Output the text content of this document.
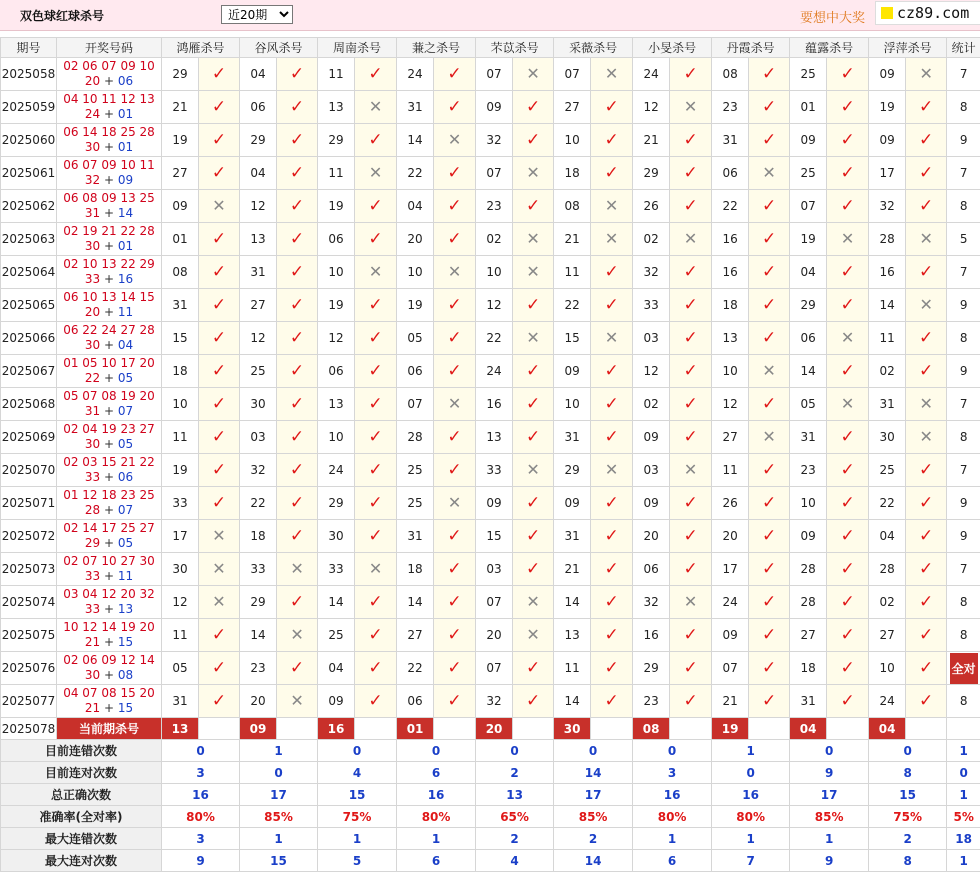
双色球红球杀号
近20期	要想中大奖 cz89.com
期号	开奖号码	鸿雁杀号		谷风杀号		周南杀号		蒹之杀号		芣苡杀号		采薇杀号		小旻杀号		丹霞杀号		蕴露杀号		浮萍杀号		统计
2025058	02 06 07 09 10
20 + 06	29	✓	04	✓	11	✓	24	✓	07	✕	07	✕	24	✓	08	✓	25	✓	09	✕	7
2025059	04 10 11 12 13
24 + 01	21	✓	06	✓	13	✕	31	✓	09	✓	27	✓	12	✕	23	✓	01	✓	19	✓	8
2025060	06 14 18 25 28
30 + 01	19	✓	29	✓	29	✓	14	✕	32	✓	10	✓	21	✓	31	✓	09	✓	09	✓	9
2025061	06 07 09 10 11
32 + 09	27	✓	04	✓	11	✕	22	✓	07	✕	18	✓	29	✓	06	✕	25	✓	17	✓	7
2025062	06 08 09 13 25
31 + 14	09	✕	12	✓	19	✓	04	✓	23	✓	08	✕	26	✓	22	✓	07	✓	32	✓	8
2025063	02 19 21 22 28
30 + 01	01	✓	13	✓	06	✓	20	✓	02	✕	21	✕	02	✕	16	✓	19	✕	28	✕	5
2025064	02 10 13 22 29
33 + 16	08	✓	31	✓	10	✕	10	✕	10	✕	11	✓	32	✓	16	✓	04	✓	16	✓	7
2025065	06 10 13 14 15
20 + 11	31	✓	27	✓	19	✓	19	✓	12	✓	22	✓	33	✓	18	✓	29	✓	14	✕	9
2025066	06 22 24 27 28
30 + 04	15	✓	12	✓	12	✓	05	✓	22	✕	15	✕	03	✓	13	✓	06	✕	11	✓	8
2025067	01 05 10 17 20
22 + 05	18	✓	25	✓	06	✓	06	✓	24	✓	09	✓	12	✓	10	✕	14	✓	02	✓	9
2025068	05 07 08 19 20
31 + 07	10	✓	30	✓	13	✓	07	✕	16	✓	10	✓	02	✓	12	✓	05	✕	31	✕	7
2025069	02 04 19 23 27
30 + 05	11	✓	03	✓	10	✓	28	✓	13	✓	31	✓	09	✓	27	✕	31	✓	30	✕	8
2025070	02 03 15 21 22
33 + 06	19	✓	32	✓	24	✓	25	✓	33	✕	29	✕	03	✕	11	✓	23	✓	25	✓	7
2025071	01 12 18 23 25
28 + 07	33	✓	22	✓	29	✓	25	✕	09	✓	09	✓	09	✓	26	✓	10	✓	22	✓	9
2025072	02 14 17 25 27
29 + 05	17	✕	18	✓	30	✓	31	✓	15	✓	31	✓	20	✓	20	✓	09	✓	04	✓	9
2025073	02 07 10 27 30
33 + 11	30	✕	33	✕	33	✕	18	✓	03	✓	21	✓	06	✓	17	✓	28	✓	28	✓	7
2025074	03 04 12 20 32
33 + 13	12	✕	29	✓	14	✓	14	✓	07	✕	14	✓	32	✕	24	✓	28	✓	02	✓	8
2025075	10 12 14 19 20
21 + 15	11	✓	14	✕	25	✓	27	✓	20	✕	13	✓	16	✓	09	✓	27	✓	27	✓	8
2025076	02 06 09 12 14
30 + 08	05	✓	23	✓	04	✓	22	✓	07	✓	11	✓	29	✓	07	✓	18	✓	10	✓	全对
2025077	04 07 08 15 20
21 + 15	31	✓	20	✕	09	✓	06	✓	32	✓	14	✓	23	✓	21	✓	31	✓	24	✓	8
2025078	当前期杀号	13		09		16		01		20		30		08		19		04		04		
目前连错次数		0		1		0		0		0		0		0		1		0		0		1
目前连对次数		3		0		4		6		2		14		3		0		9		8		0
总正确次数		16		17		15		16		13		17		16		16		17		15		1
准确率(全对率)		80%		85%		75%		80%		65%		85%		80%		80%		85%		75%		5%
最大连错次数		3		1		1		1		2		2		1		1		1		2		18
最大连对次数		9		15		5		6		4		14		6		7		9		8		1
